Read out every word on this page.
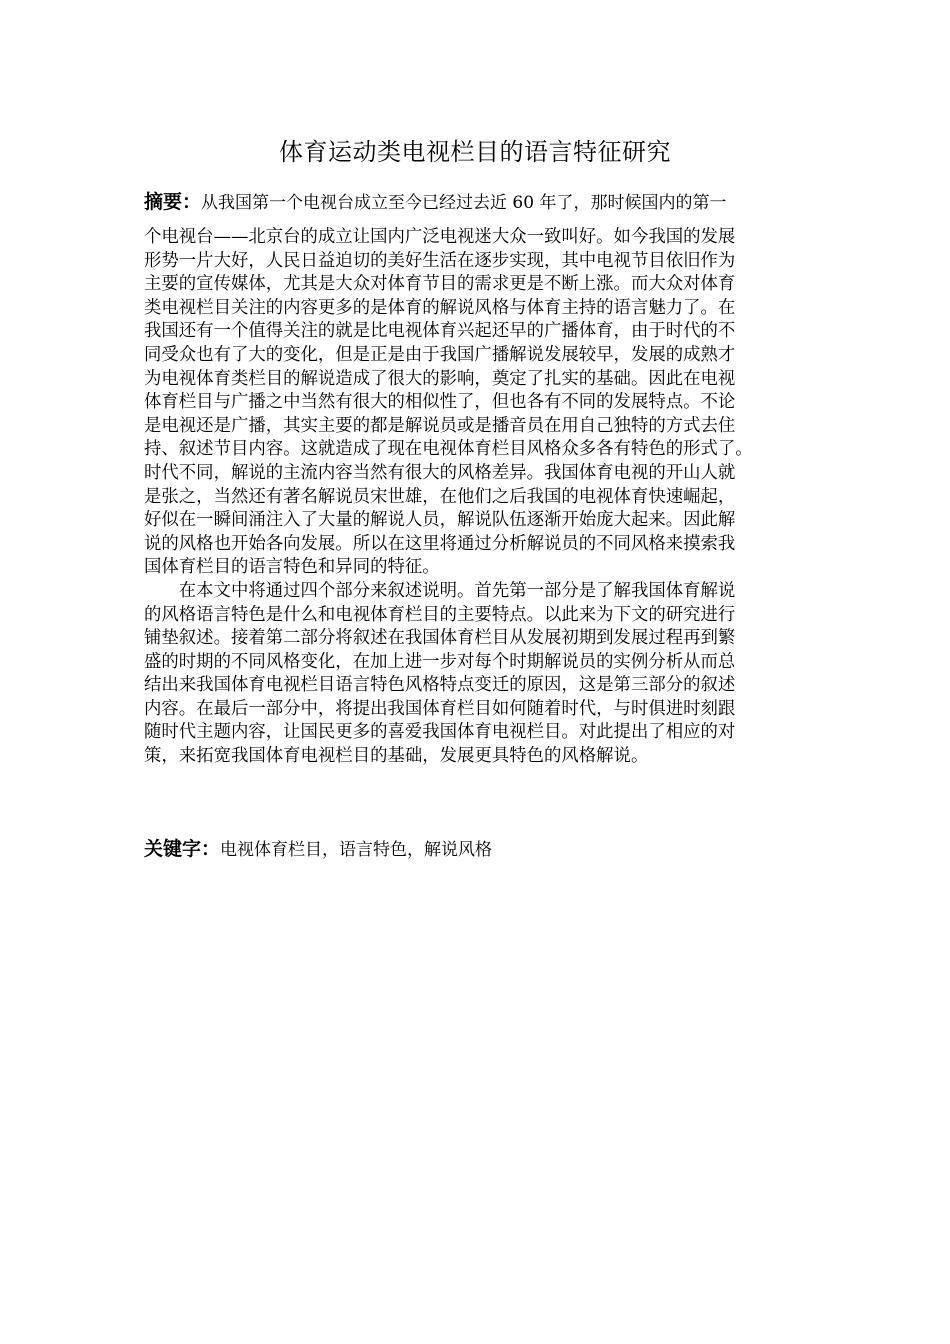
体育运动类电视栏目的语言特征研究
摘要：从我国第一个电视台成立至今已经过去近 60 年了，那时候国内的第一
个电视台——北京台的成立让国内广泛电视迷大众一致叫好。如今我国的发展
形势一片大好，人民日益迫切的美好生活在逐步实现，其中电视节目依旧作为
主要的宣传媒体，尤其是大众对体育节目的需求更是不断上涨。而大众对体育
类电视栏目关注的内容更多的是体育的解说风格与体育主持的语言魅力了。在
我国还有一个值得关注的就是比电视体育兴起还早的广播体育，由于时代的不
同受众也有了大的变化，但是正是由于我国广播解说发展较早，发展的成熟才
为电视体育类栏目的解说造成了很大的影响，奠定了扎实的基础。因此在电视
体育栏目与广播之中当然有很大的相似性了，但也各有不同的发展特点。不论
是电视还是广播，其实主要的都是解说员或是播音员在用自己独特的方式去住
持、叙述节目内容。这就造成了现在电视体育栏目风格众多各有特色的形式了。
时代不同，解说的主流内容当然有很大的风格差异。我国体育电视的开山人就
是张之，当然还有著名解说员宋世雄，在他们之后我国的电视体育快速崛起，
好似在一瞬间涌注入了大量的解说人员，解说队伍逐渐开始庞大起来。因此解
说的风格也开始各向发展。所以在这里将通过分析解说员的不同风格来摸索我
国体育栏目的语言特色和异同的特征。
　　在本文中将通过四个部分来叙述说明。首先第一部分是了解我国体育解说
的风格语言特色是什么和电视体育栏目的主要特点。以此来为下文的研究进行
铺垫叙述。接着第二部分将叙述在我国体育栏目从发展初期到发展过程再到繁
盛的时期的不同风格变化，在加上进一步对每个时期解说员的实例分析从而总
结出来我国体育电视栏目语言特色风格特点变迁的原因，这是第三部分的叙述
内容。在最后一部分中，将提出我国体育栏目如何随着时代，与时俱进时刻跟
随时代主题内容，让国民更多的喜爱我国体育电视栏目。对此提出了相应的对
策，来拓宽我国体育电视栏目的基础，发展更具特色的风格解说。
关键字：电视体育栏目，语言特色，解说风格
